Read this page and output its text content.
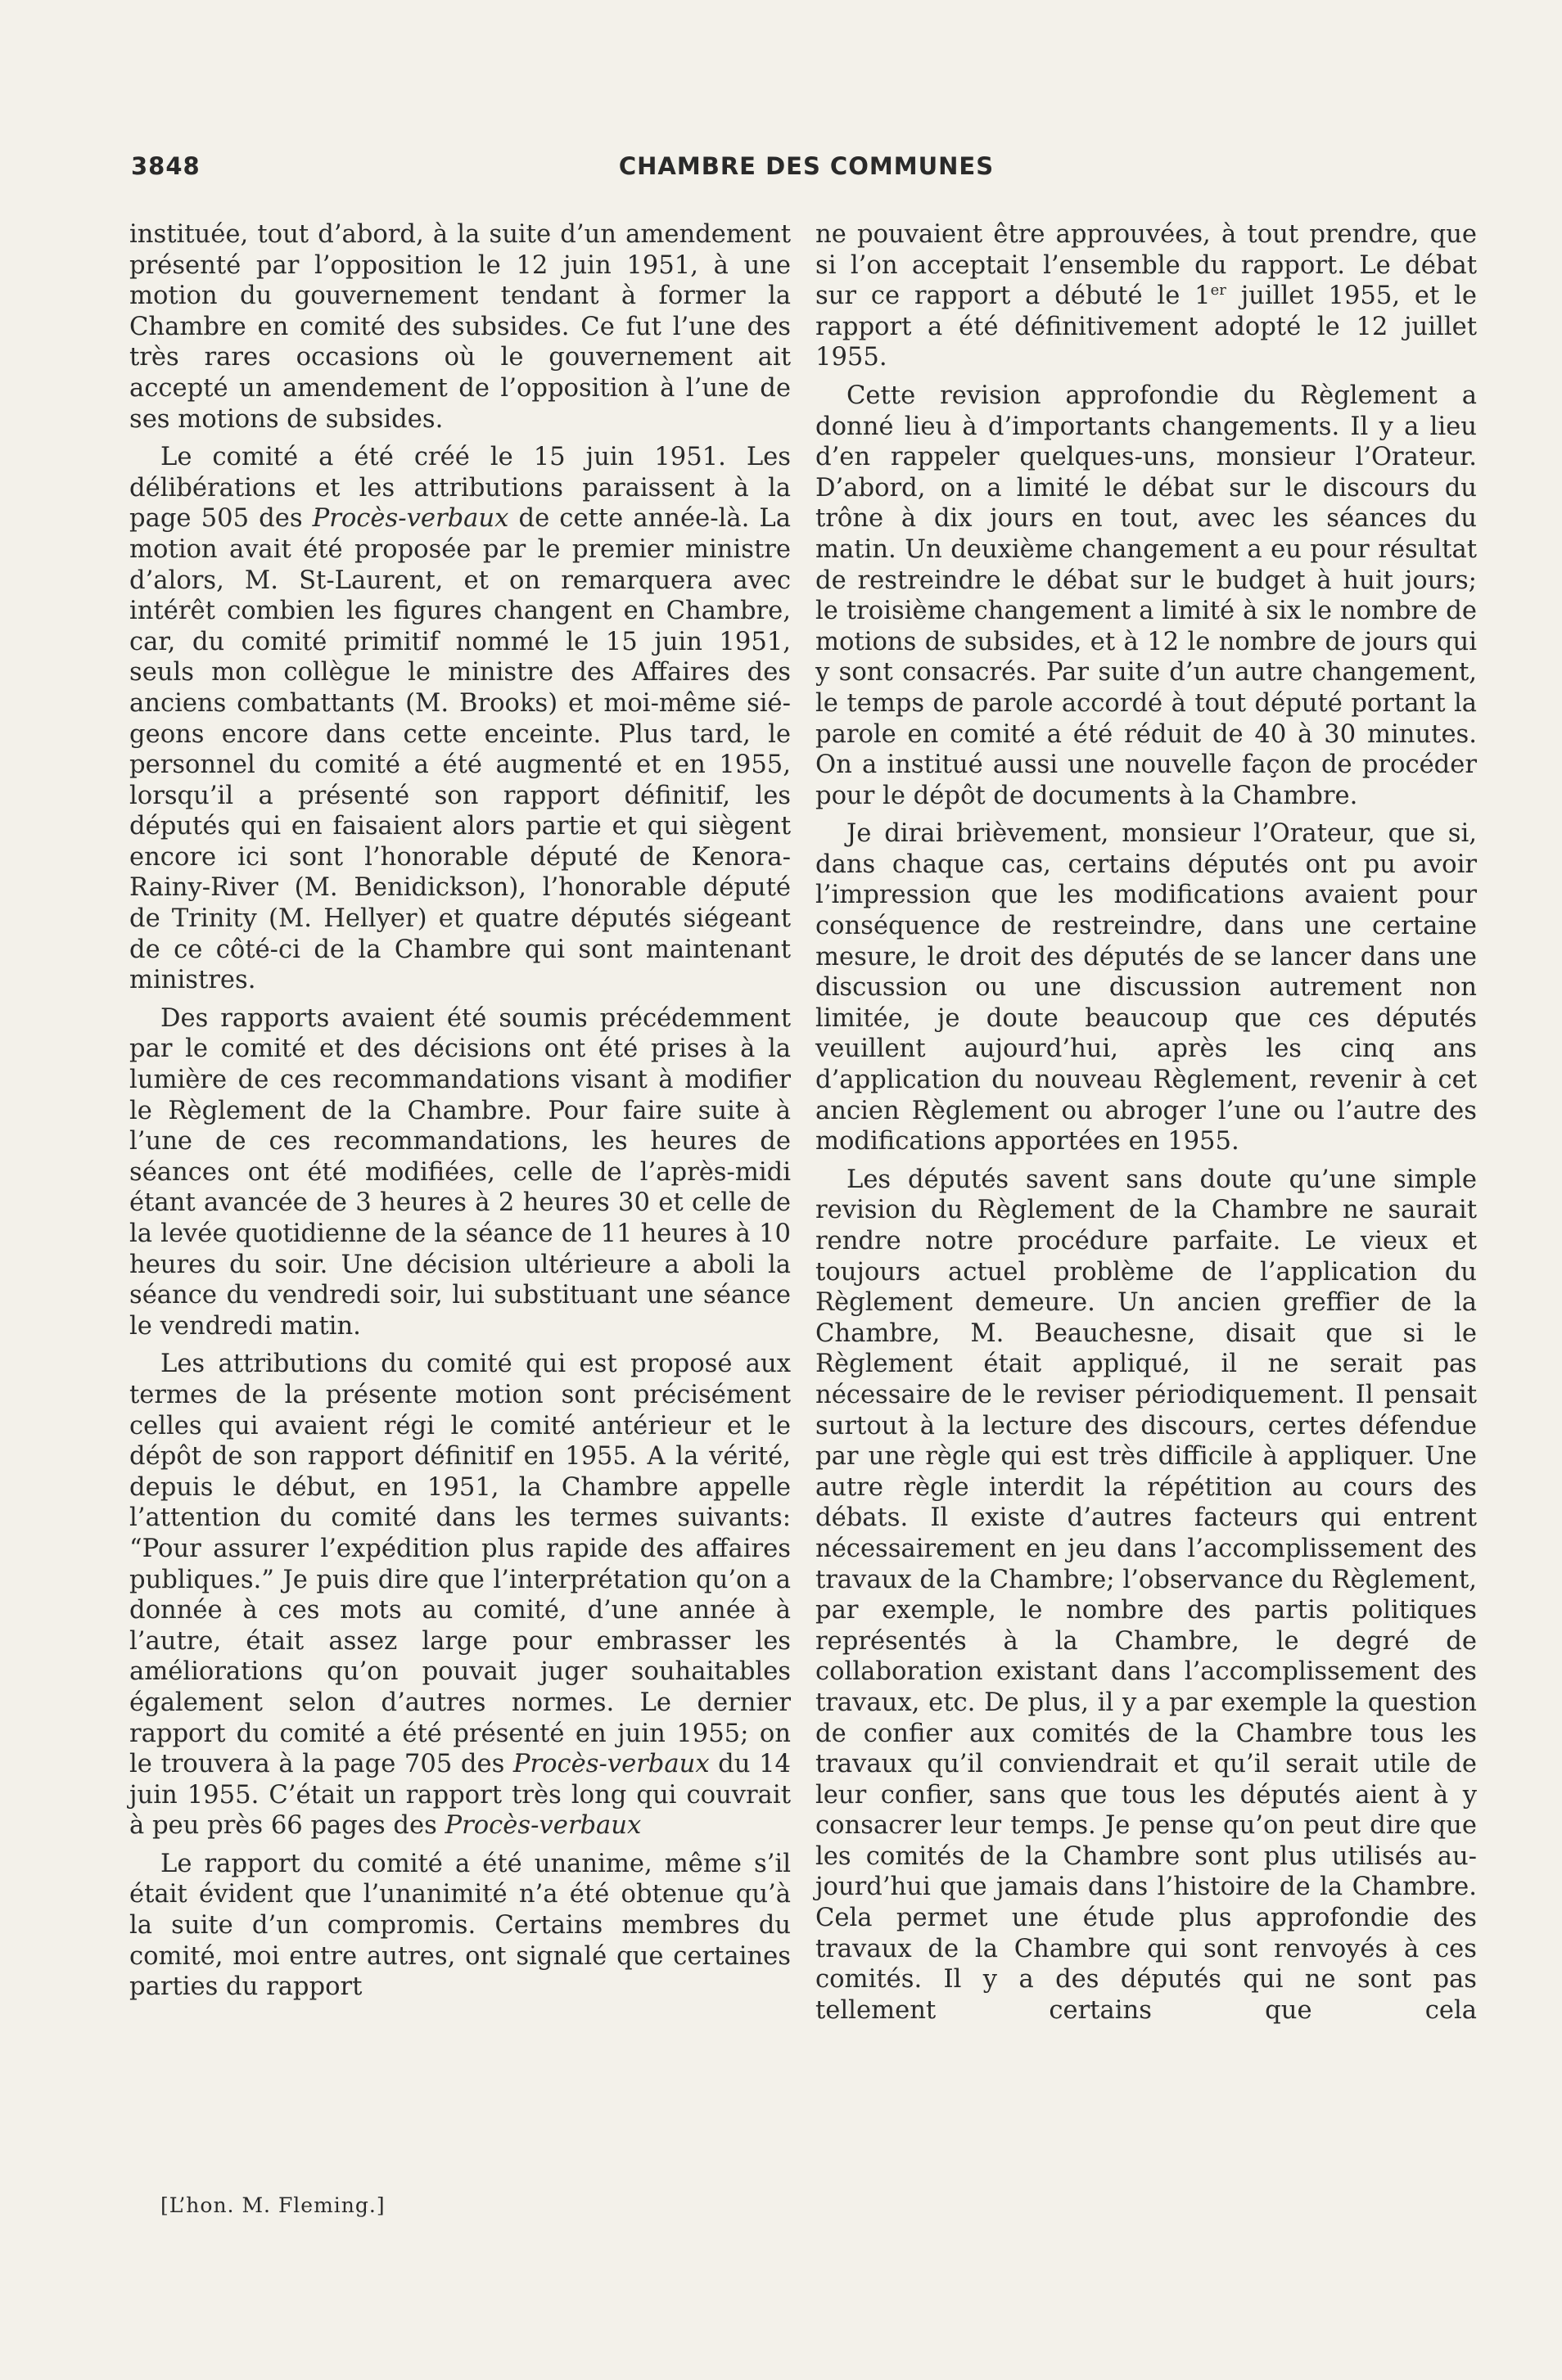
3848	CHAMBRE DES COMMUNES

instituée, tout d’abord, à la suite d’un amendement présenté par l’opposition le 12 juin 1951, à une motion du gouvernement tendant à former la Chambre en comité des subsides. Ce fut l’une des très rares occasions où le gouvernement ait accepté un amendement de l’opposition à l’une de ses motions de subsides.

Le comité a été créé le 15 juin 1951. Les délibérations et les attributions paraissent à la page 505 des Procès-verbaux de cette année-là. La motion avait été proposée par le premier ministre d’alors, M. St-Laurent, et on remarquera avec intérêt combien les figures changent en Chambre, car, du comité primitif nommé le 15 juin 1951, seuls mon collègue le ministre des Affaires des anciens combattants (M. Brooks) et moi-même siégeons encore dans cette enceinte. Plus tard, le personnel du comité a été augmenté et en 1955, lorsqu’il a présenté son rapport définitif, les députés qui en faisaient alors partie et qui siègent encore ici sont l’honorable député de Kenora-Rainy-River (M. Benidickson), l’honorable député de Trinity (M. Hellyer) et quatre députés siégeant de ce côté-ci de la Chambre qui sont maintenant ministres.

Des rapports avaient été soumis précédemment par le comité et des décisions ont été prises à la lumière de ces recommandations visant à modifier le Règlement de la Chambre. Pour faire suite à l’une de ces recommandations, les heures de séances ont été modifiées, celle de l’après-midi étant avancée de 3 heures à 2 heures 30 et celle de la levée quotidienne de la séance de 11 heures à 10 heures du soir. Une décision ultérieure a aboli la séance du vendredi soir, lui substituant une séance le vendredi matin.

Les attributions du comité qui est proposé aux termes de la présente motion sont précisément celles qui avaient régi le comité antérieur et le dépôt de son rapport définitif en 1955. A la vérité, depuis le début, en 1951, la Chambre appelle l’attention du comité dans les termes suivants: “Pour assurer l’expédition plus rapide des affaires publiques.” Je puis dire que l’interprétation qu’on a donnée à ces mots au comité, d’une année à l’autre, était assez large pour embrasser les améliorations qu’on pouvait juger souhaitables également selon d’autres normes. Le dernier rapport du comité a été présenté en juin 1955; on le trouvera à la page 705 des Procès-verbaux du 14 juin 1955. C’était un rapport très long qui couvrait à peu près 66 pages des Procès-verbaux

Le rapport du comité a été unanime, même s’il était évident que l’unanimité n’a été obtenue qu’à la suite d’un compromis. Certains membres du comité, moi entre autres, ont signalé que certaines parties du rapport

ne pouvaient être approuvées, à tout prendre, que si l’on acceptait l’ensemble du rapport. Le débat sur ce rapport a débuté le 1er juillet 1955, et le rapport a été définitivement adopté le 12 juillet 1955.

Cette revision approfondie du Règlement a donné lieu à d’importants changements. Il y a lieu d’en rappeler quelques-uns, monsieur l’Orateur. D’abord, on a limité le débat sur le discours du trône à dix jours en tout, avec les séances du matin. Un deuxième changement a eu pour résultat de restreindre le débat sur le budget à huit jours; le troisième changement a limité à six le nombre de motions de subsides, et à 12 le nombre de jours qui y sont consacrés. Par suite d’un autre changement, le temps de parole accordé à tout député portant la parole en comité a été réduit de 40 à 30 minutes. On a institué aussi une nouvelle façon de procéder pour le dépôt de documents à la Chambre.

Je dirai brièvement, monsieur l’Orateur, que si, dans chaque cas, certains députés ont pu avoir l’impression que les modifications avaient pour conséquence de restreindre, dans une certaine mesure, le droit des députés de se lancer dans une discussion ou une discussion autrement non limitée, je doute beaucoup que ces députés veuillent aujourd’hui, après les cinq ans d’application du nouveau Règlement, revenir à cet ancien Règlement ou abroger l’une ou l’autre des modifications apportées en 1955.

Les députés savent sans doute qu’une simple revision du Règlement de la Chambre ne saurait rendre notre procédure parfaite. Le vieux et toujours actuel problème de l’application du Règlement demeure. Un ancien greffier de la Chambre, M. Beauchesne, disait que si le Règlement était appliqué, il ne serait pas nécessaire de le reviser périodiquement. Il pensait surtout à la lecture des discours, certes défendue par une règle qui est très difficile à appliquer. Une autre règle interdit la répétition au cours des débats. Il existe d’autres facteurs qui entrent nécessairement en jeu dans l’accomplissement des travaux de la Chambre; l’observance du Règlement, par exemple, le nombre des partis politiques représentés à la Chambre, le degré de collaboration existant dans l’accomplissement des travaux, etc. De plus, il y a par exemple la question de confier aux comités de la Chambre tous les travaux qu’il conviendrait et qu’il serait utile de leur confier, sans que tous les députés aient à y consacrer leur temps. Je pense qu’on peut dire que les comités de la Chambre sont plus utilisés aujourd’hui que jamais dans l’histoire de la Chambre. Cela permet une étude plus approfondie des travaux de la Chambre qui sont renvoyés à ces comités. Il y a des députés qui ne sont pas tellement certains que cela

[L’hon. M. Fleming.]
